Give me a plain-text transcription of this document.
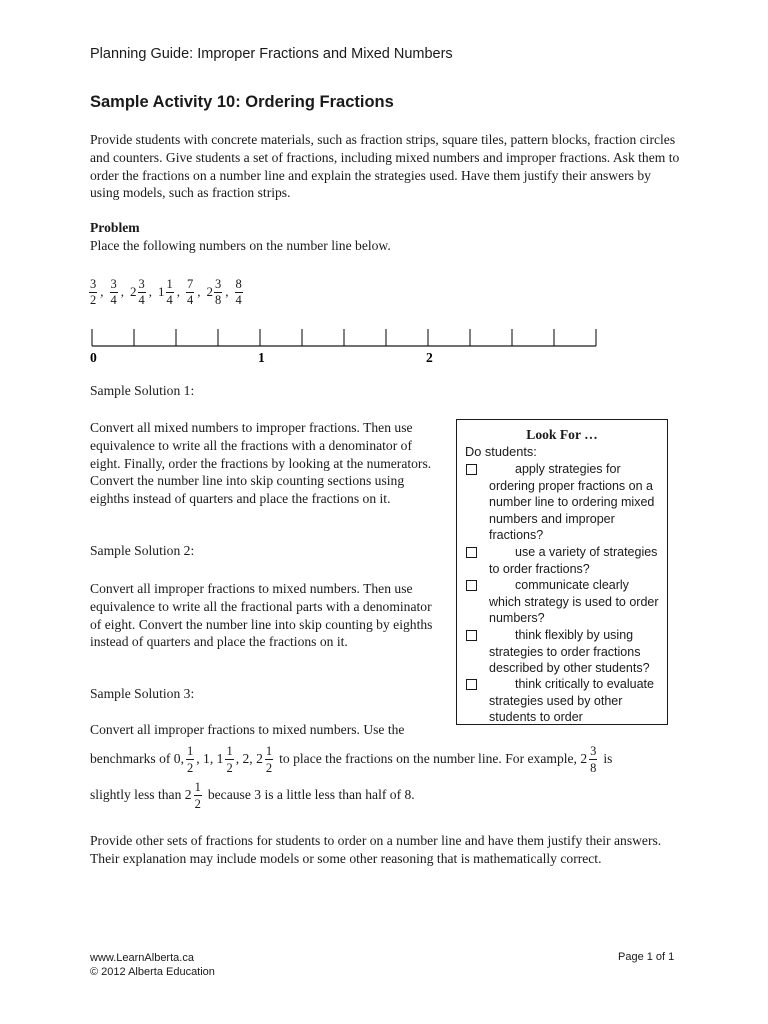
Planning Guide: Improper Fractions and Mixed Numbers
Sample Activity 10: Ordering Fractions
Provide students with concrete materials, such as fraction strips, square tiles, pattern blocks, fraction circles and counters. Give students a set of fractions, including mixed numbers and improper fractions. Ask them to order the fractions on a number line and explain the strategies used. Have them justify their answers by using models, such as fraction strips.
Problem
Place the following numbers on the number line below.
$\frac{3}{2}$ , $\frac{3}{4}$ , $2 \frac{3}{4}$ , $1 \frac{1}{4}$ , $\frac{7}{4}$ , $2 \frac{3}{8}$ , $\frac{8}{4}$
0	1	2
Sample Solution 1:
Convert all mixed numbers to improper fractions. Then use equivalence to write all the fractions with a denominator of eight. Finally, order the fractions by looking at the numerators. Convert the number line into skip counting sections using eighths instead of quarters and place the fractions on it.
Sample Solution 2:
Convert all improper fractions to mixed numbers. Then use equivalence to write all the fractional parts with a denominator of eight. Convert the number line into skip counting by eighths instead of quarters and place the fractions on it.
Sample Solution 3:
Convert all improper fractions to mixed numbers. Use the
benchmarks of 0, $\frac{1}{2}$ , 1, $1 \frac{1}{2}$ , 2, $2 \frac{1}{2}$ to place the fractions on the number line. For example, $2 \frac{3}{8}$ is
slightly less than $2 \frac{1}{2}$ because 3 is a little less than half of 8.
Provide other sets of fractions for students to order on a number line and have them justify their answers. Their explanation may include models or some other reasoning that is mathematically correct.
Look For …
Do students:
apply strategies for ordering proper fractions on a number line to ordering mixed numbers and improper fractions?
use a variety of strategies to order fractions?
communicate clearly which strategy is used to order numbers?
think flexibly by using strategies to order fractions described by other students?
think critically to evaluate strategies used by other students to order
www.LearnAlberta.ca
© 2012 Alberta Education
Page 1 of 1
